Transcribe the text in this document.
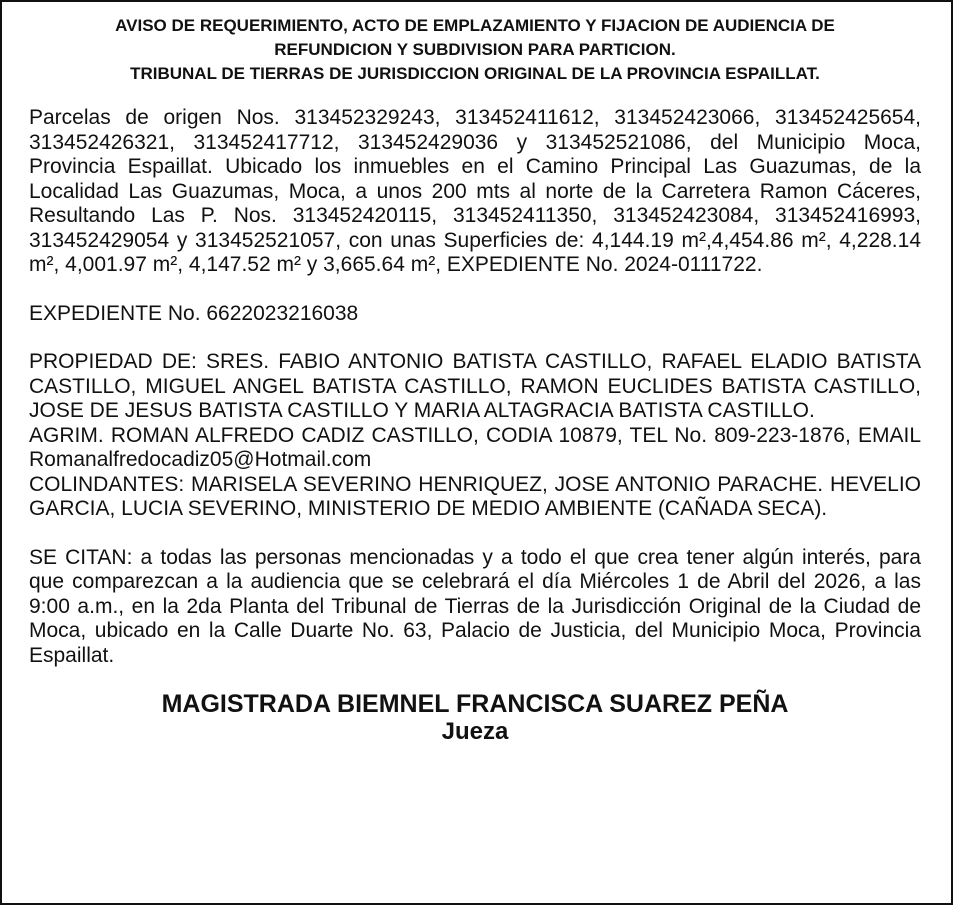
AVISO DE REQUERIMIENTO, ACTO DE EMPLAZAMIENTO Y FIJACION DE AUDIENCIA DE
REFUNDICION Y SUBDIVISION PARA PARTICION.
TRIBUNAL DE TIERRAS DE JURISDICCION ORIGINAL DE LA PROVINCIA ESPAILLAT.

Parcelas de origen Nos. 313452329243, 313452411612, 313452423066, 313452425654, 313452426321, 313452417712, 313452429036 y 313452521086, del Municipio Moca, Provincia Espaillat. Ubicado los inmuebles en el Camino Principal Las Guazumas, de la Localidad Las Guazumas, Moca, a unos 200 mts al norte de la Carretera Ramon Cáceres, Resultando Las P. Nos. 313452420115, 313452411350, 313452423084, 313452416993, 313452429054 y 313452521057, con unas Superficies de: 4,144.19 m²,4,454.86 m², 4,228.14 m², 4,001.97 m², 4,147.52 m² y 3,665.64 m², EXPEDIENTE No. 2024-0111722.

EXPEDIENTE No. 6622023216038

PROPIEDAD DE: SRES. FABIO ANTONIO BATISTA CASTILLO, RAFAEL ELADIO BATISTA CASTILLO, MIGUEL ANGEL BATISTA CASTILLO, RAMON EUCLIDES BATISTA CASTILLO, JOSE DE JESUS BATISTA CASTILLO Y MARIA ALTAGRACIA BATISTA CASTILLO.

AGRIM. ROMAN ALFREDO CADIZ CASTILLO, CODIA 10879, TEL No. 809-223-1876, EMAIL Romanalfredocadiz05@Hotmail.com

COLINDANTES: MARISELA SEVERINO HENRIQUEZ, JOSE ANTONIO PARACHE. HEVELIO GARCIA, LUCIA SEVERINO, MINISTERIO DE MEDIO AMBIENTE (CAÑADA SECA).

SE CITAN: a todas las personas mencionadas y a todo el que crea tener algún interés, para que comparezcan a la audiencia que se celebrará el día Miércoles 1 de Abril del 2026, a las 9:00 a.m., en la 2da Planta del Tribunal de Tierras de la Jurisdicción Original de la Ciudad de Moca, ubicado en la Calle Duarte No. 63, Palacio de Justicia, del Municipio Moca, Provincia Espaillat.

MAGISTRADA BIEMNEL FRANCISCA SUAREZ PEÑA
Jueza
